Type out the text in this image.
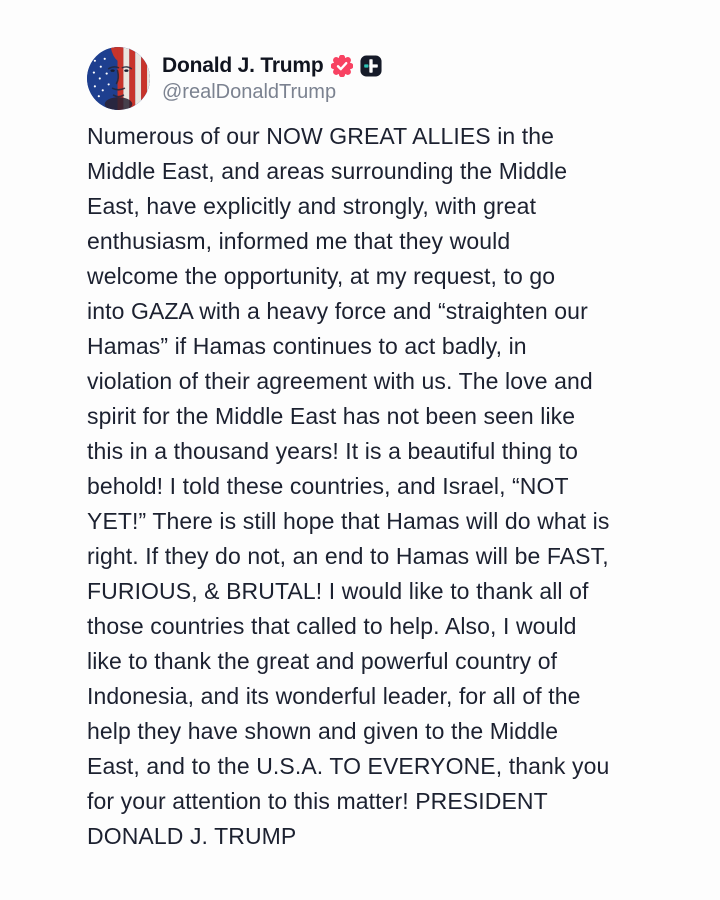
Donald J. Trump
@realDonaldTrump
Numerous of our NOW GREAT ALLIES in the
Middle East, and areas surrounding the Middle
East, have explicitly and strongly, with great
enthusiasm, informed me that they would
welcome the opportunity, at my request, to go
into GAZA with a heavy force and “straighten our
Hamas” if Hamas continues to act badly, in
violation of their agreement with us. The love and
spirit for the Middle East has not been seen like
this in a thousand years! It is a beautiful thing to
behold! I told these countries, and Israel, “NOT
YET!” There is still hope that Hamas will do what is
right. If they do not, an end to Hamas will be FAST,
FURIOUS, & BRUTAL! I would like to thank all of
those countries that called to help. Also, I would
like to thank the great and powerful country of
Indonesia, and its wonderful leader, for all of the
help they have shown and given to the Middle
East, and to the U.S.A. TO EVERYONE, thank you
for your attention to this matter! PRESIDENT
DONALD J. TRUMP
